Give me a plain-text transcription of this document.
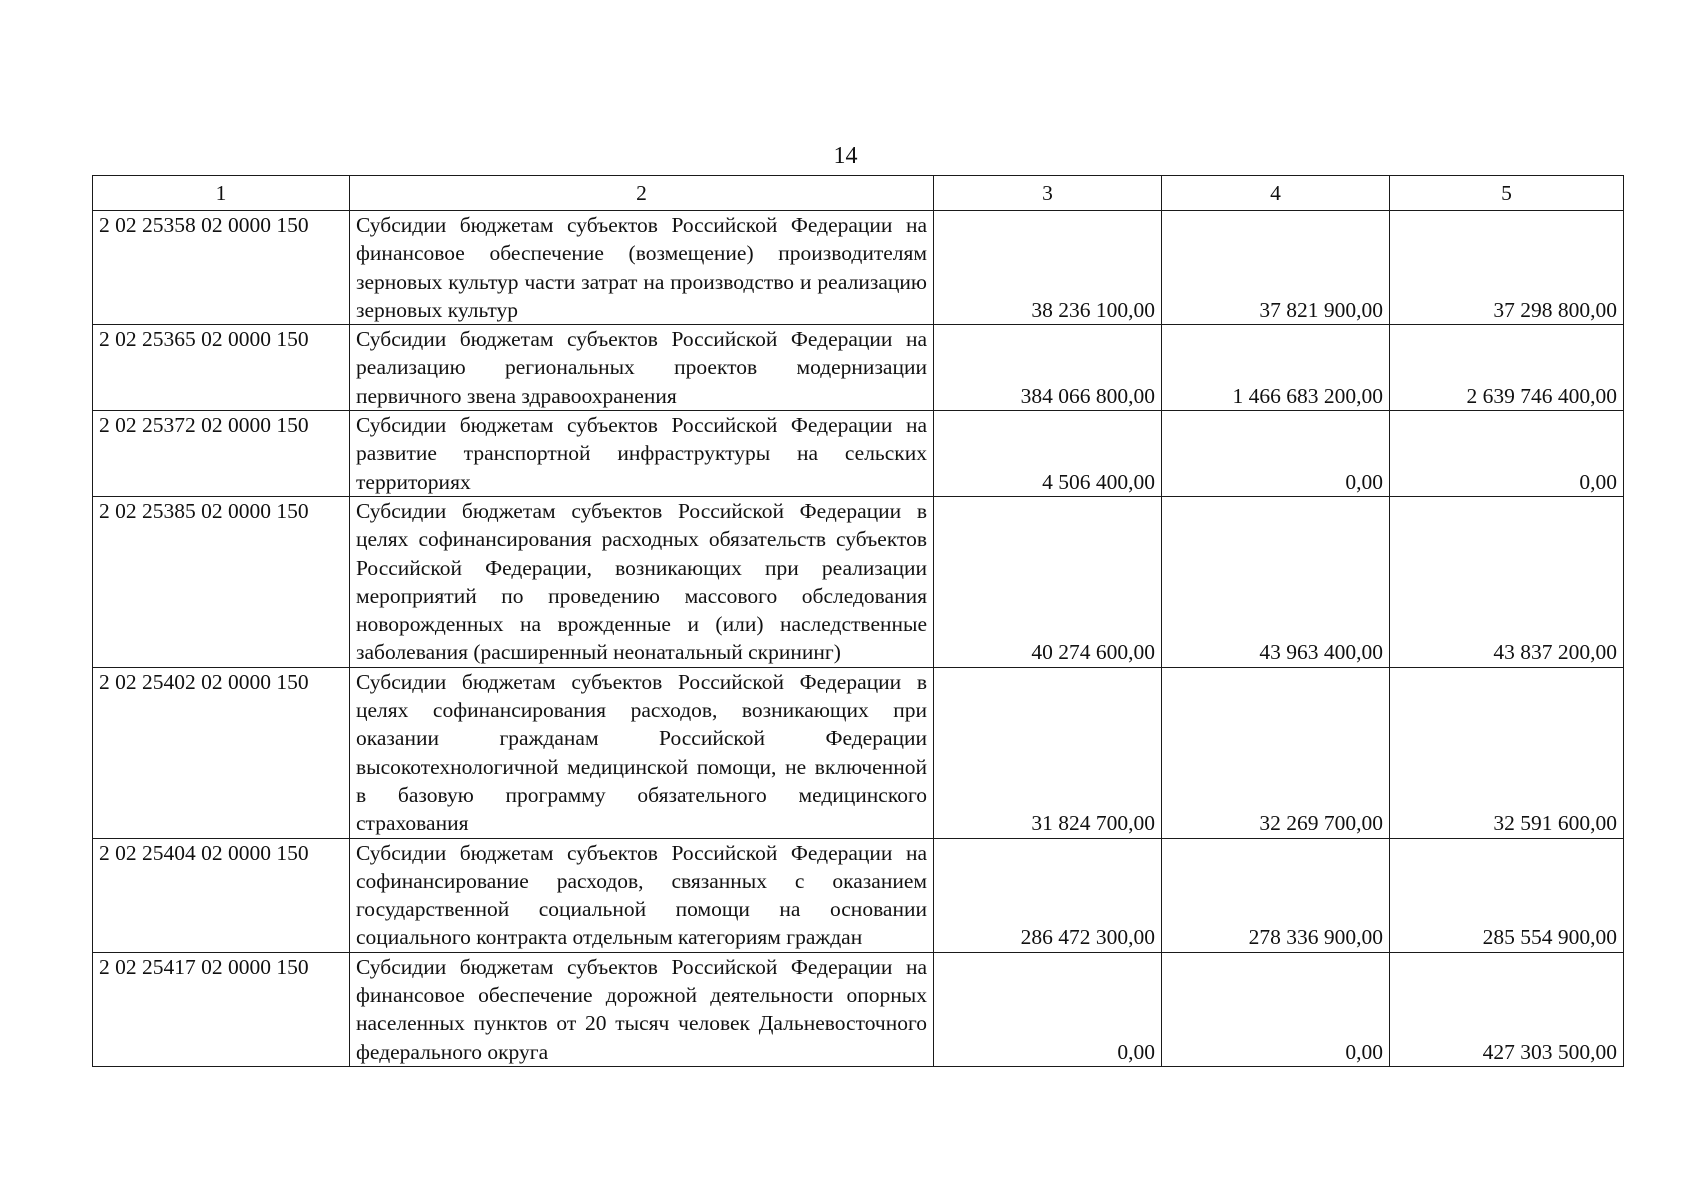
14
1	2	3	4	5
2 02 25358 02 0000 150	Субсидии бюджетам субъектов Российской Федерации на финансовое обеспечение (возмещение) производителям зерновых культур части затрат на производство и реализацию зерновых культур	38 236 100,00	37 821 900,00	37 298 800,00
2 02 25365 02 0000 150	Субсидии бюджетам субъектов Российской Федерации на реализацию региональных проектов модернизации первичного звена здравоохранения	384 066 800,00	1 466 683 200,00	2 639 746 400,00
2 02 25372 02 0000 150	Субсидии бюджетам субъектов Российской Федерации на развитие транспортной инфраструктуры на сельских территориях	4 506 400,00	0,00	0,00
2 02 25385 02 0000 150	Субсидии бюджетам субъектов Российской Федерации в целях софинансирования расходных обязательств субъектов Российской Федерации, возникающих при реализации мероприятий по проведению массового обследования новорожденных на врожденные и (или) наследственные заболевания (расширенный неонатальный скрининг)	40 274 600,00	43 963 400,00	43 837 200,00
2 02 25402 02 0000 150	Субсидии бюджетам субъектов Российской Федерации в целях софинансирования расходов, возникающих при оказании гражданам Российской Федерации высокотехнологичной медицинской помощи, не включенной в базовую программу обязательного медицинского страхования	31 824 700,00	32 269 700,00	32 591 600,00
2 02 25404 02 0000 150	Субсидии бюджетам субъектов Российской Федерации на софинансирование расходов, связанных с оказанием государственной социальной помощи на основании социального контракта отдельным категориям граждан	286 472 300,00	278 336 900,00	285 554 900,00
2 02 25417 02 0000 150	Субсидии бюджетам субъектов Российской Федерации на финансовое обеспечение дорожной деятельности опорных населенных пунктов от 20 тысяч человек Дальневосточного федерального округа	0,00	0,00	427 303 500,00
